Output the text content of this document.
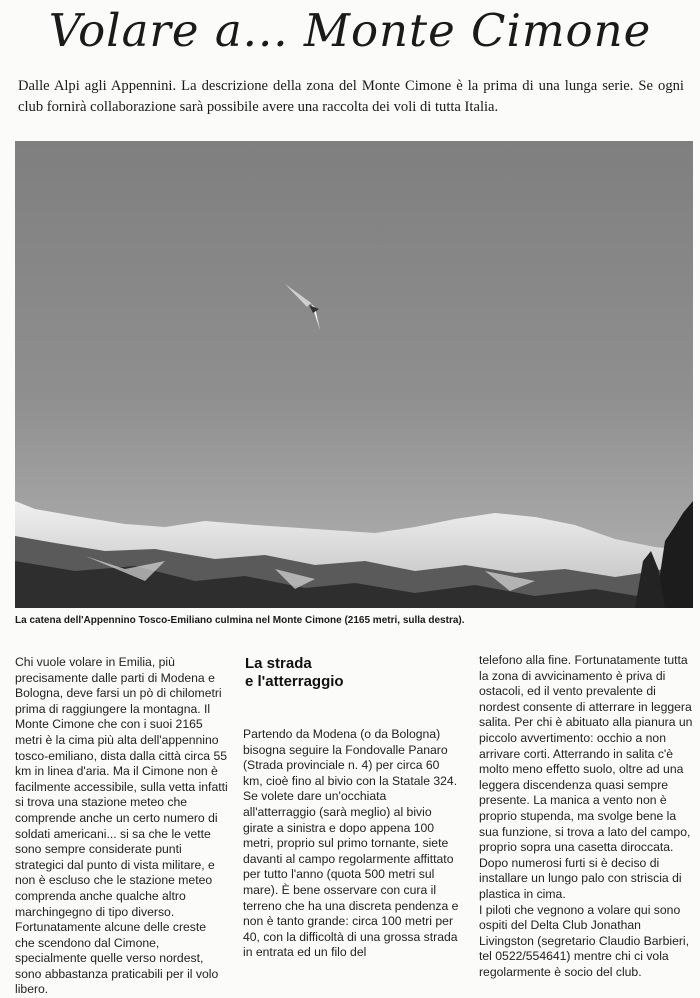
Volare a... Monte Cimone

Dalle Alpi agli Appennini. La descrizione della zona del Monte Cimone è la prima di una lunga serie. Se ogni club fornirà collaborazione sarà possibile avere una raccolta dei voli di tutta Italia.

La catena dell'Appennino Tosco-Emiliano culmina nel Monte Cimone (2165 metri, sulla destra).

Chi vuole volare in Emilia, più precisamente dalle parti di Modena e Bologna, deve farsi un pò di chilometri prima di raggiungere la montagna. Il Monte Cimone che con i suoi 2165 metri è la cima più alta dell'appennino tosco-emiliano, dista dalla città circa 55 km in linea d'aria. Ma il Cimone non è facilmente accessibile, sulla vetta infatti si trova una stazione meteo che comprende anche un certo numero di soldati americani... si sa che le vette sono sempre considerate punti strategici dal punto di vista militare, e non è escluso che le stazione meteo comprenda anche qualche altro marchingegno di tipo diverso.

Fortunatamente alcune delle creste che scendono dal Cimone, specialmente quelle verso nordest, sono abbastanza praticabili per il volo libero.

La strada
e l'atterraggio

Partendo da Modena (o da Bologna) bisogna seguire la Fondovalle Panaro (Strada provinciale n. 4) per circa 60 km, cioè fino al bivio con la Statale 324. Se volete dare un'occhiata all'atterraggio (sarà meglio) al bivio girate a sinistra e dopo appena 100 metri, proprio sul primo tornante, siete davanti al campo regolarmente affittato per tutto l'anno (quota 500 metri sul mare). È bene osservare con cura il terreno che ha una discreta pendenza e non è tanto grande: circa 100 metri per 40, con la difficoltà di una grossa strada in entrata ed un filo del

telefono alla fine. Fortunatamente tutta la zona di avvicinamento è priva di ostacoli, ed il vento prevalente di nordest consente di atterrare in leggera salita. Per chi è abituato alla pianura un piccolo avvertimento: occhio a non arrivare corti. Atterrando in salita c'è molto meno effetto suolo, oltre ad una leggera discendenza quasi sempre presente. La manica a vento non è proprio stupenda, ma svolge bene la sua funzione, si trova a lato del campo, proprio sopra una casetta diroccata. Dopo numerosi furti si è deciso di installare un lungo palo con striscia di plastica in cima.

I piloti che vegnono a volare qui sono ospiti del Delta Club Jonathan Livingston (segretario Claudio Barbieri, tel 0522/554641) mentre chi ci vola regolarmente è socio del club.
